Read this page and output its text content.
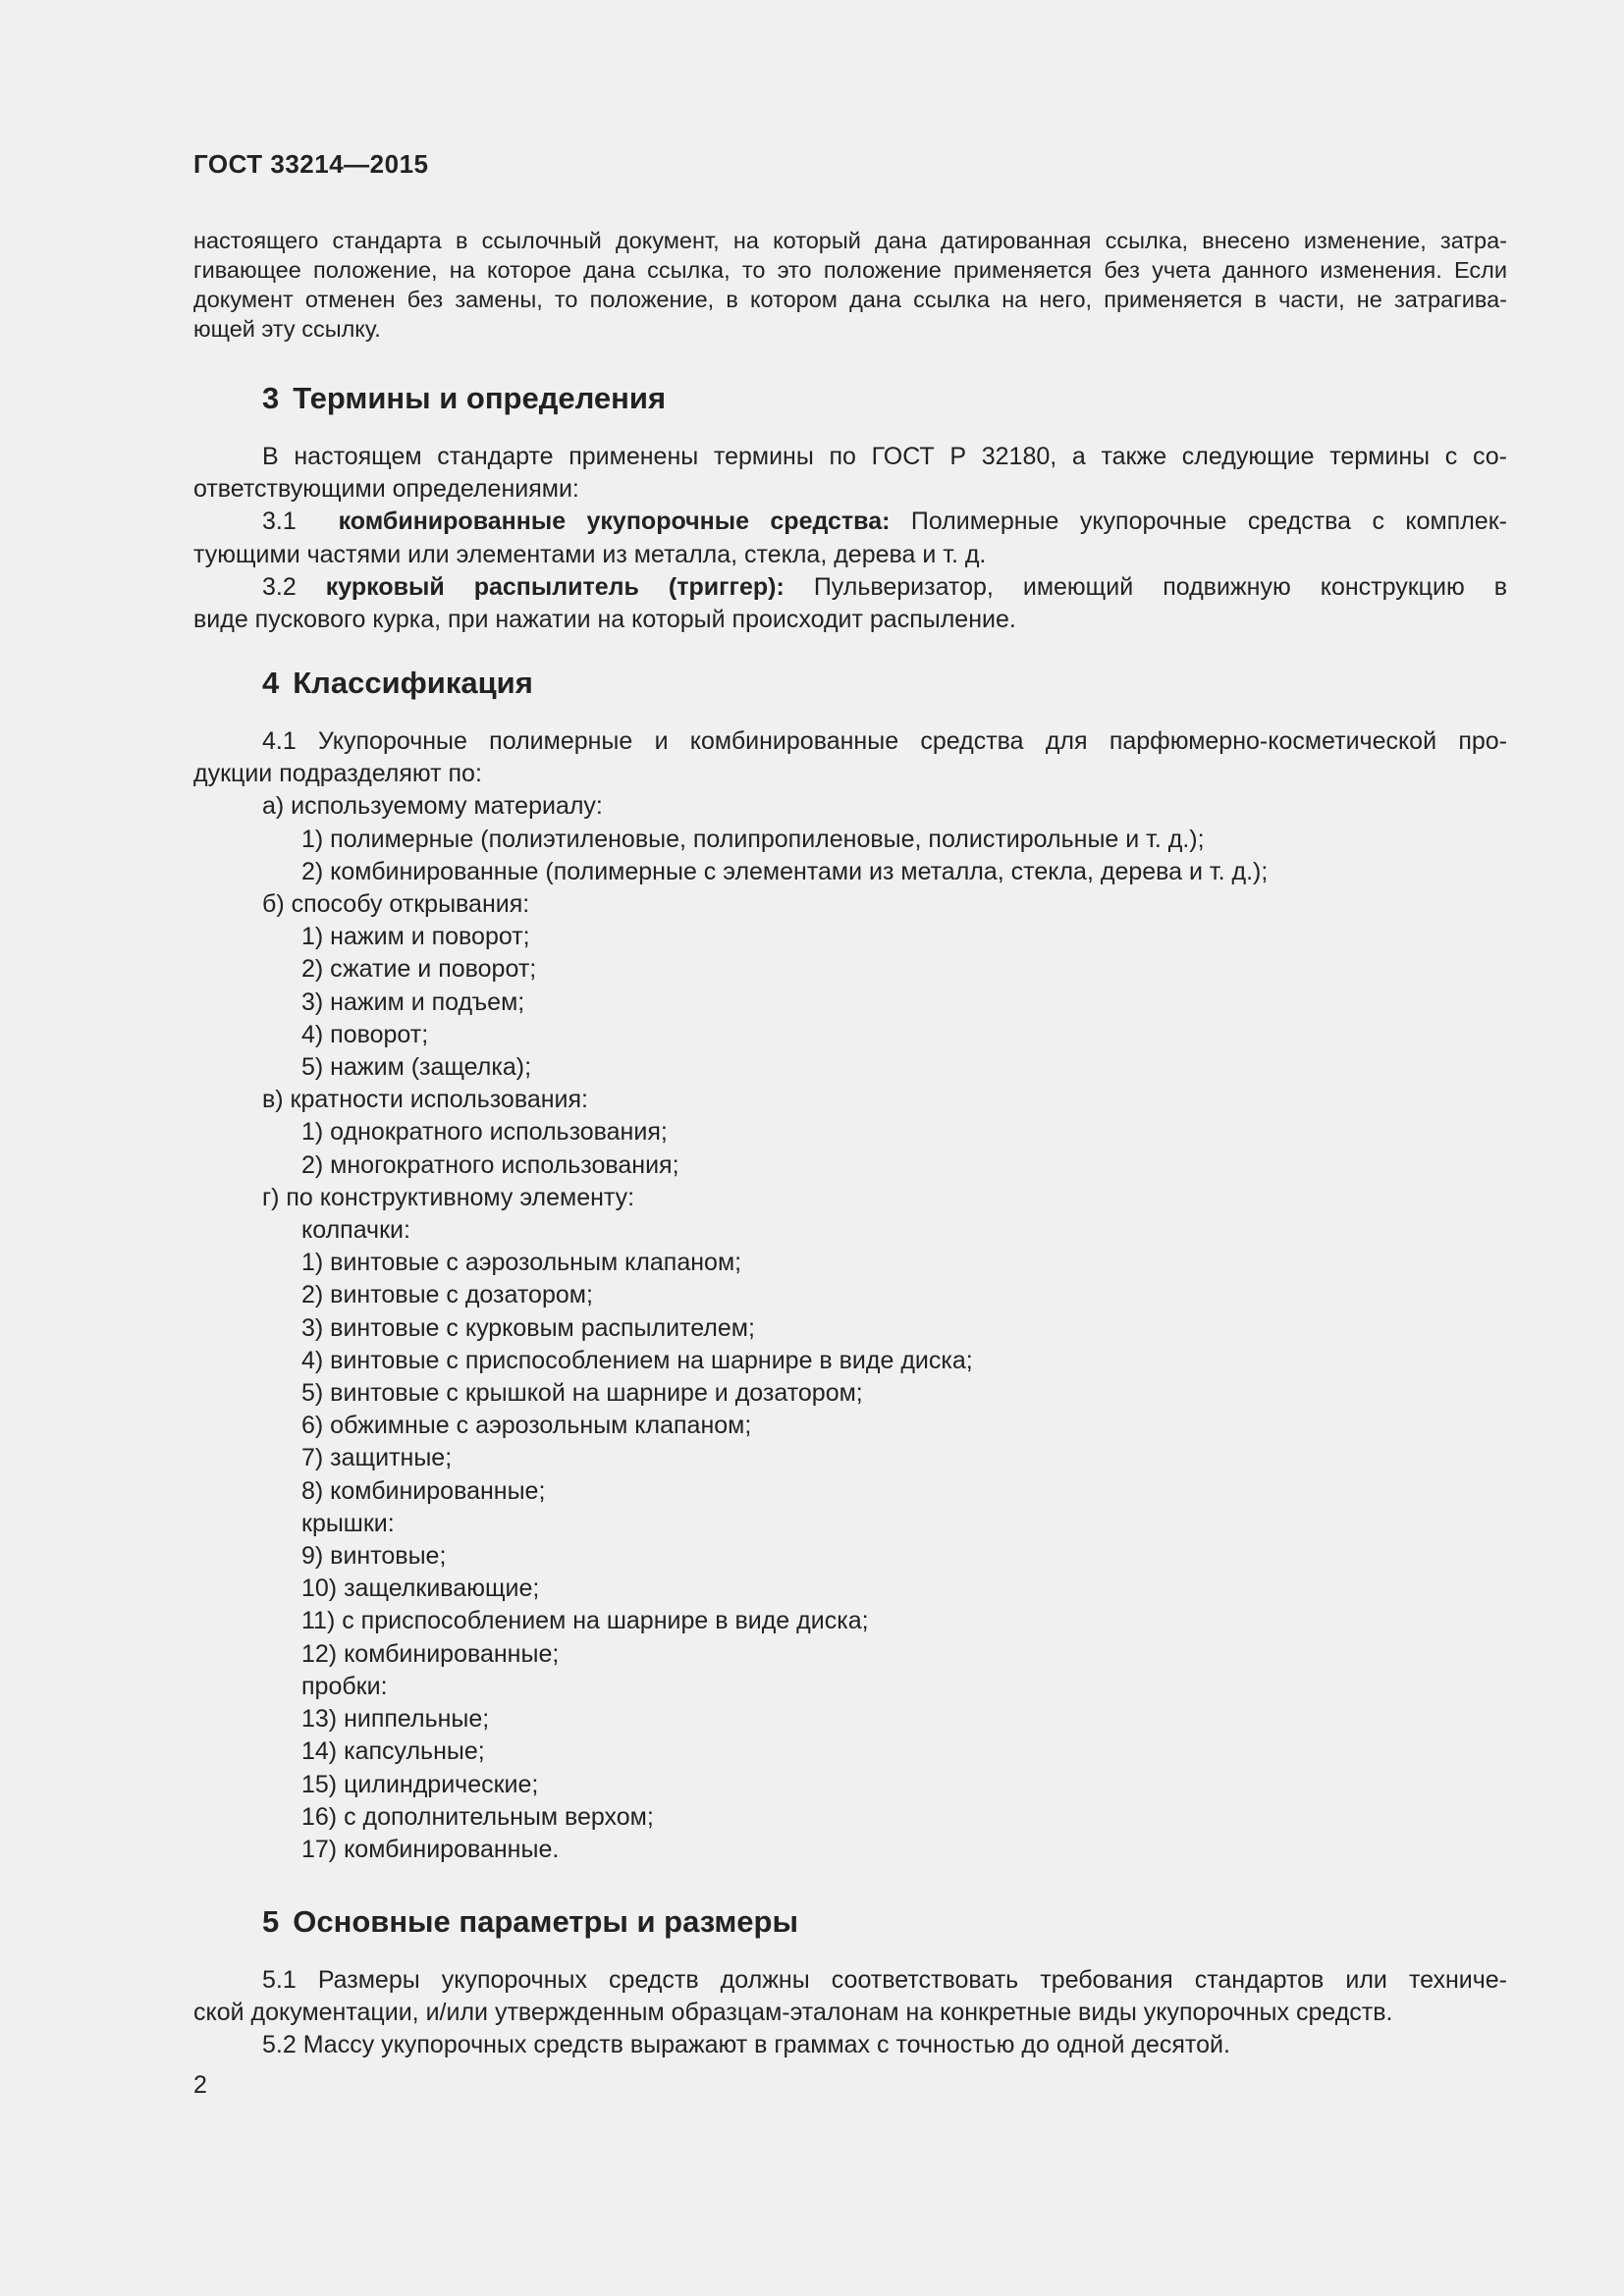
ГОСТ 33214—2015
настоящего стандарта в ссылочный документ, на который дана датированная ссылка, внесено изменение, затра-
гивающее положение, на которое дана ссылка, то это положение применяется без учета данного изменения. Если
документ отменен без замены, то положение, в котором дана ссылка на него, применяется в части, не затрагива-
ющей эту ссылку.
3 Термины и определения
В настоящем стандарте применены термины по ГОСТ Р 32180, а также следующие термины с со-
ответствующими определениями:
3.1 комбинированные укупорочные средства: Полимерные укупорочные средства с комплек-
тующими частями или элементами из металла, стекла, дерева и т. д.
3.2 курковый распылитель (триггер): Пульверизатор, имеющий подвижную конструкцию в
виде пускового курка, при нажатии на который происходит распыление.
4 Классификация
4.1 Укупорочные полимерные и комбинированные средства для парфюмерно-косметической про-
дукции подразделяют по:
а) используемому материалу:
1) полимерные (полиэтиленовые, полипропиленовые, полистирольные и т. д.);
2) комбинированные (полимерные с элементами из металла, стекла, дерева и т. д.);
б) способу открывания:
1) нажим и поворот;
2) сжатие и поворот;
3) нажим и подъем;
4) поворот;
5) нажим (защелка);
в) кратности использования:
1) однократного использования;
2) многократного использования;
г) по конструктивному элементу:
колпачки:
1) винтовые с аэрозольным клапаном;
2) винтовые с дозатором;
3) винтовые с курковым распылителем;
4) винтовые с приспособлением на шарнире в виде диска;
5) винтовые с крышкой на шарнире и дозатором;
6) обжимные с аэрозольным клапаном;
7) защитные;
8) комбинированные;
крышки:
9) винтовые;
10) защелкивающие;
11) с приспособлением на шарнире в виде диска;
12) комбинированные;
пробки:
13) ниппельные;
14) капсульные;
15) цилиндрические;
16) с дополнительным верхом;
17) комбинированные.
5 Основные параметры и размеры
5.1 Размеры укупорочных средств должны соответствовать требования стандартов или техниче-
ской документации, и/или утвержденным образцам-эталонам на конкретные виды укупорочных средств.
5.2 Массу укупорочных средств выражают в граммах с точностью до одной десятой.
2
